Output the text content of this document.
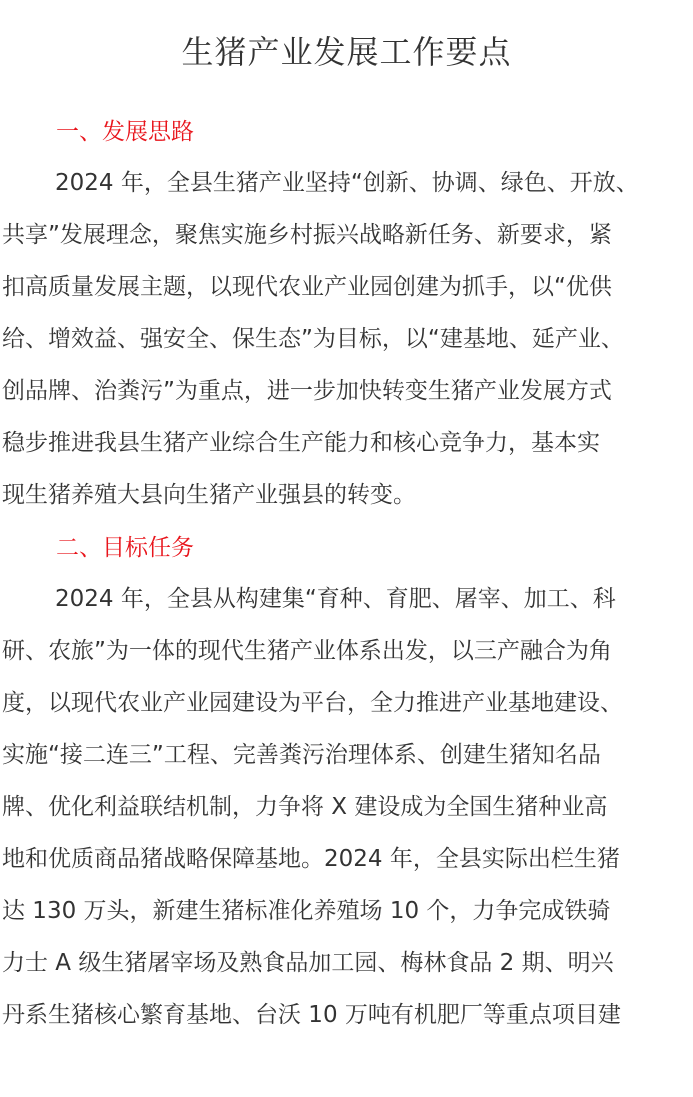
生猪产业发展工作要点
一、发展思路
2024 年，全县生猪产业坚持“创新、协调、绿色、开放、
共享”发展理念，聚焦实施乡村振兴战略新任务、新要求，紧
扣高质量发展主题，以现代农业产业园创建为抓手，以“优供
给、增效益、强安全、保生态”为目标，以“建基地、延产业、
创品牌、治粪污”为重点，进一步加快转变生猪产业发展方式
稳步推进我县生猪产业综合生产能力和核心竞争力，基本实
现生猪养殖大县向生猪产业强县的转变。
二、目标任务
2024 年，全县从构建集“育种、育肥、屠宰、加工、科
研、农旅”为一体的现代生猪产业体系出发，以三产融合为角
度，以现代农业产业园建设为平台，全力推进产业基地建设、
实施“接二连三”工程、完善粪污治理体系、创建生猪知名品
牌、优化利益联结机制，力争将 X 建设成为全国生猪种业高
地和优质商品猪战略保障基地。2024 年，全县实际出栏生猪
达 130 万头，新建生猪标准化养殖场 10 个，力争完成铁骑
力士 A 级生猪屠宰场及熟食品加工园、梅林食品 2 期、明兴
丹系生猪核心繁育基地、台沃 10 万吨有机肥厂等重点项目建
